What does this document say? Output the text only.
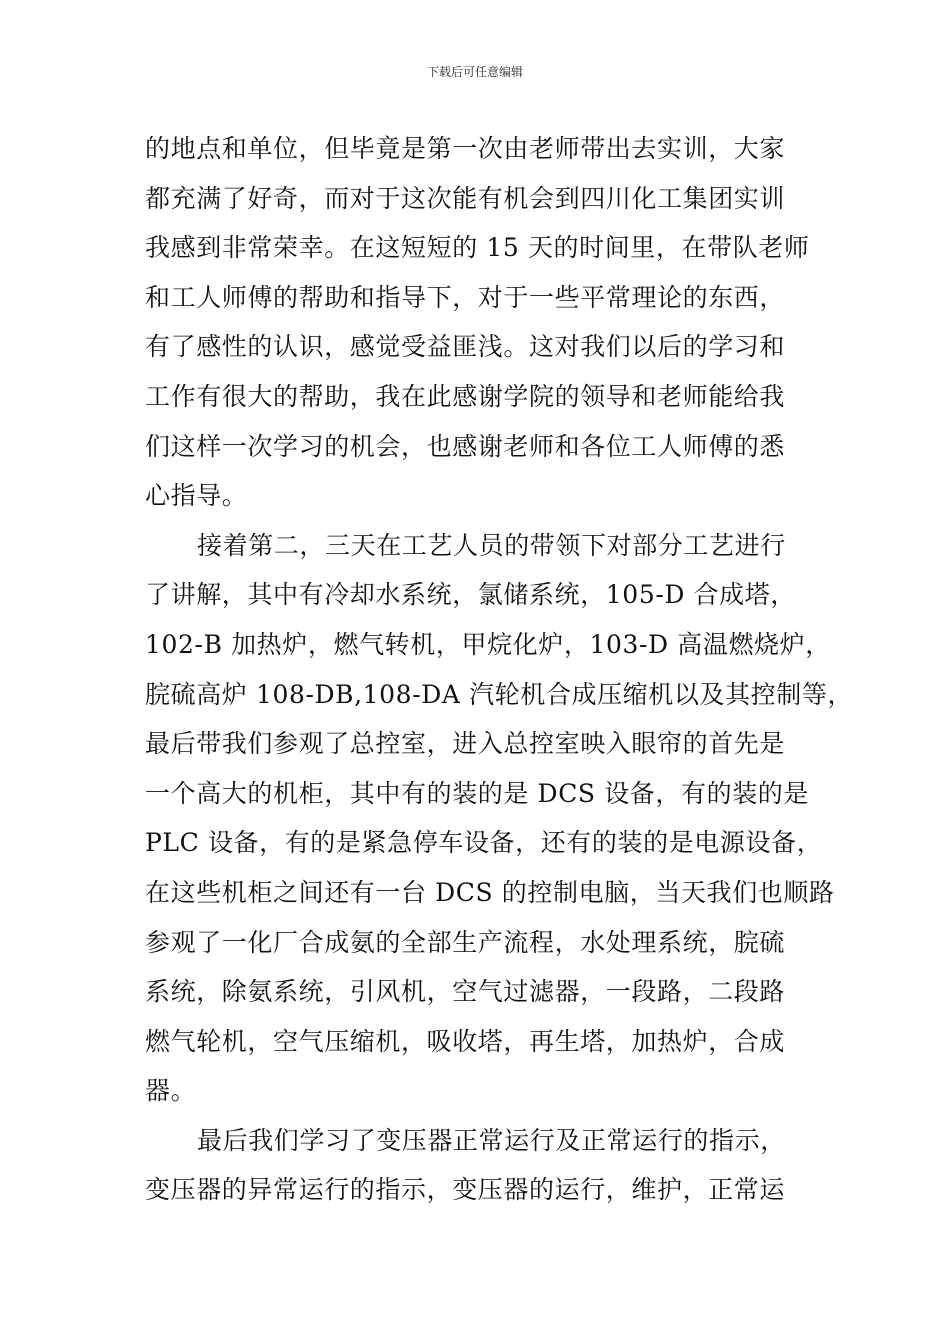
下载后可任意编辑
的地点和单位，但毕竟是第一次由老师带出去实训，大家
都充满了好奇，而对于这次能有机会到四川化工集团实训
我感到非常荣幸。在这短短的 15 天的时间里，在带队老师
和工人师傅的帮助和指导下，对于一些平常理论的东西，
有了感性的认识，感觉受益匪浅。这对我们以后的学习和
工作有很大的帮助，我在此感谢学院的领导和老师能给我
们这样一次学习的机会，也感谢老师和各位工人师傅的悉
心指导。
接着第二，三天在工艺人员的带领下对部分工艺进行
了讲解，其中有冷却水系统，氯储系统，105-D 合成塔，
102-B 加热炉，燃气转机，甲烷化炉，103-D 高温燃烧炉，
脘硫高炉 108-DB,108-DA 汽轮机合成压缩机以及其控制等，
最后带我们参观了总控室，进入总控室映入眼帘的首先是
一个高大的机柜，其中有的装的是 DCS 设备，有的装的是
PLC 设备，有的是紧急停车设备，还有的装的是电源设备，
在这些机柜之间还有一台 DCS 的控制电脑，当天我们也顺路
参观了一化厂合成氨的全部生产流程，水处理系统，脘硫
系统，除氨系统，引风机，空气过滤器，一段路，二段路
燃气轮机，空气压缩机，吸收塔，再生塔，加热炉，合成
器。
最后我们学习了变压器正常运行及正常运行的指示，
变压器的异常运行的指示，变压器的运行，维护，正常运
